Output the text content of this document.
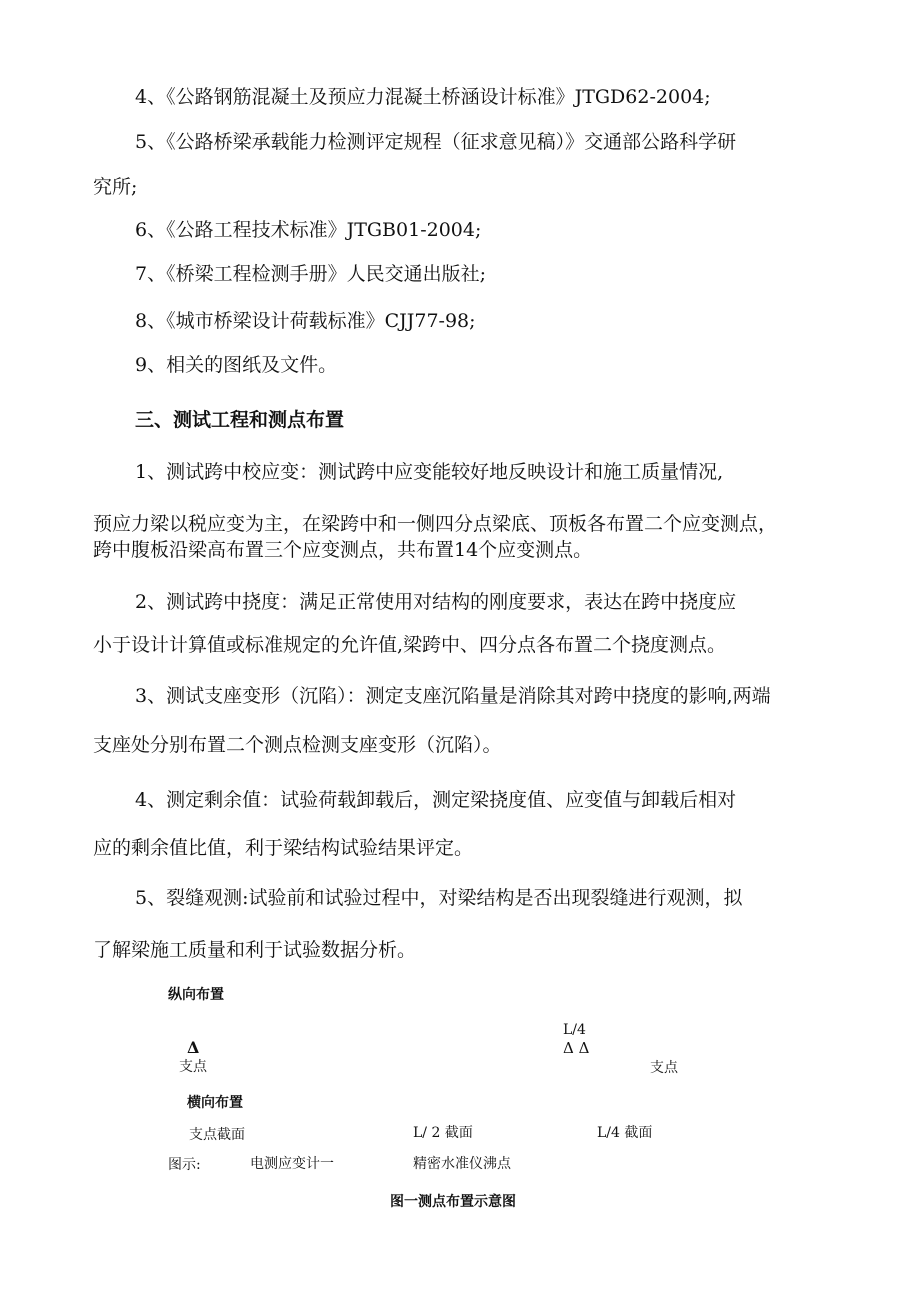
4、《公路钢筋混凝土及预应力混凝土桥涵设计标准》JTGD62-2004;
5、《公路桥梁承载能力检测评定规程（征求意见稿）》交通部公路科学研
究所;
6、《公路工程技术标准》JTGB01-2004;
7、《桥梁工程检测手册》人民交通出版社;
8、《城市桥梁设计荷载标准》CJJ77-98;
9、相关的图纸及文件。
三、测试工程和测点布置
1、测试跨中校应变：测试跨中应变能较好地反映设计和施工质量情况,
预应力梁以税应变为主，在梁跨中和一侧四分点梁底、顶板各布置二个应变测点，
跨中腹板沿梁高布置三个应变测点，共布置14个应变测点。
2、测试跨中挠度：满足正常使用对结构的刚度要求，表达在跨中挠度应
小于设计计算值或标准规定的允许值,梁跨中、四分点各布置二个挠度测点。
3、测试支座变形（沉陷）：测定支座沉陷量是消除其对跨中挠度的影响,两端
支座处分别布置二个测点检测支座变形（沉陷）。
4、测定剩余值：试验荷载卸载后，测定梁挠度值、应变值与卸载后相对
应的剩余值比值，利于梁结构试验结果评定。
5、裂缝观测:试验前和试验过程中，对梁结构是否出现裂缝进行观测，拟
了解梁施工质量和利于试验数据分析。
纵向布置
L/4
Δ	Δ Δ
支点	支点
横向布置
支点截面	L/ 2 截面	L/4 截面
图示:	电测应变计一	精密水准仪沸点
图一测点布置示意图
